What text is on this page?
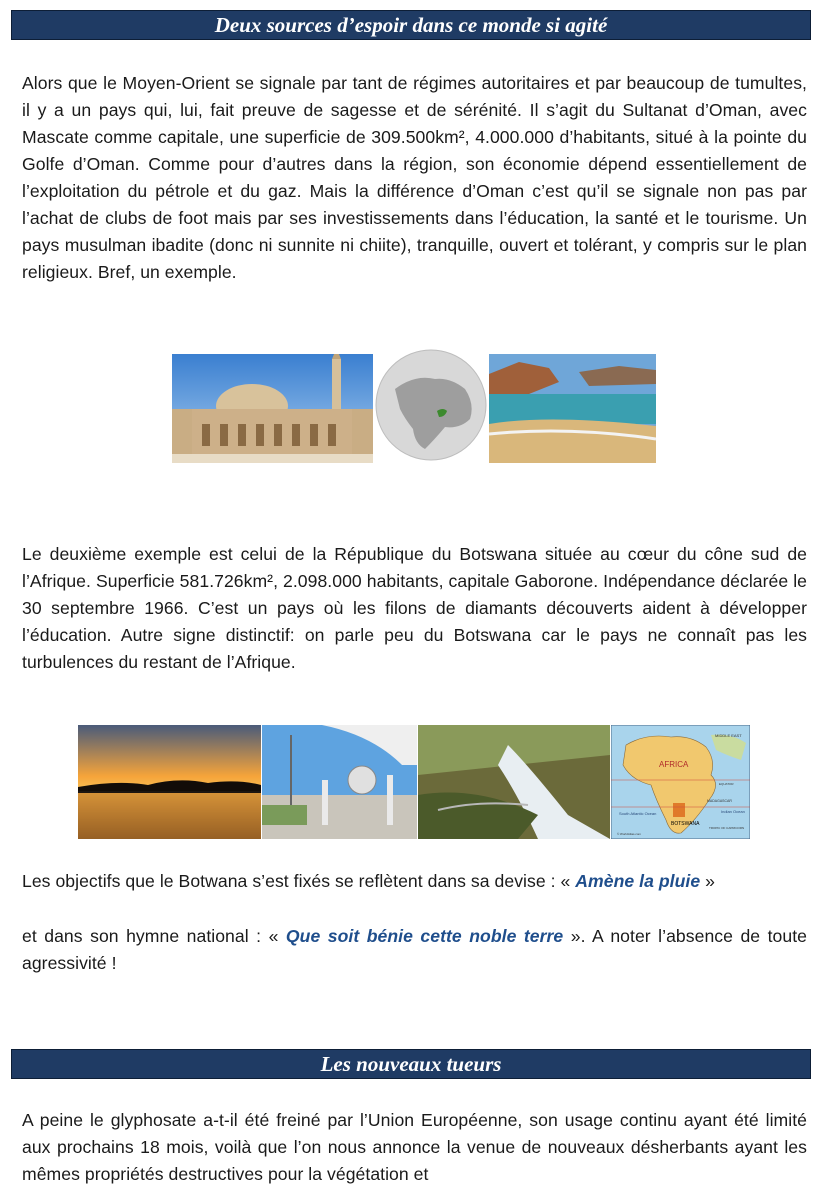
Deux sources d’espoir dans ce monde si agité
Alors que le Moyen-Orient se signale par tant de régimes autoritaires et par beaucoup de tumultes, il y a un pays qui, lui, fait preuve de sagesse et de sérénité. Il s’agit du Sultanat d’Oman, avec Mascate comme capitale, une superficie de 309.500km², 4.000.000 d’habitants, situé à la pointe du Golfe d’Oman. Comme pour d’autres dans la région, son économie dépend essentiellement de l’exploitation du pétrole et du gaz. Mais la différence d’Oman c’est qu’il se signale non pas par l’achat de clubs de foot mais par ses investissements dans l’éducation, la santé et le tourisme. Un pays musulman ibadite (donc ni sunnite ni chiite), tranquille, ouvert et tolérant, y compris sur le plan religieux. Bref, un exemple.
Le deuxième exemple est celui de la République du Botswana située au cœur du cône sud de l’Afrique. Superficie 581.726km², 2.098.000 habitants, capitale Gaborone. Indépendance déclarée le 30 septembre 1966. C’est un pays où les filons de diamants découverts aident à développer l’éducation. Autre signe distinctif: on parle peu du Botswana car le pays ne connaît pas les turbulences du restant de l’Afrique.
AFRICA
BOTSWANA
South Atlantic Ocean	Indian Ocean
MIDDLE EAST
MADAGASCAR
EQUATOR
TROPIC OF CAPRICORN
© WorldAtlas.com
Les objectifs que le Botwana s’est fixés se reflètent dans sa devise : « Amène la pluie »
et dans son hymne national : « Que soit bénie cette noble terre ». A noter l’absence de toute agressivité !
Les nouveaux tueurs
A peine le glyphosate a-t-il été freiné par l’Union Européenne, son usage continu ayant été limité aux prochains 18 mois, voilà que l’on nous annonce la venue de nouveaux désherbants ayant les mêmes propriétés destructives pour la végétation et
